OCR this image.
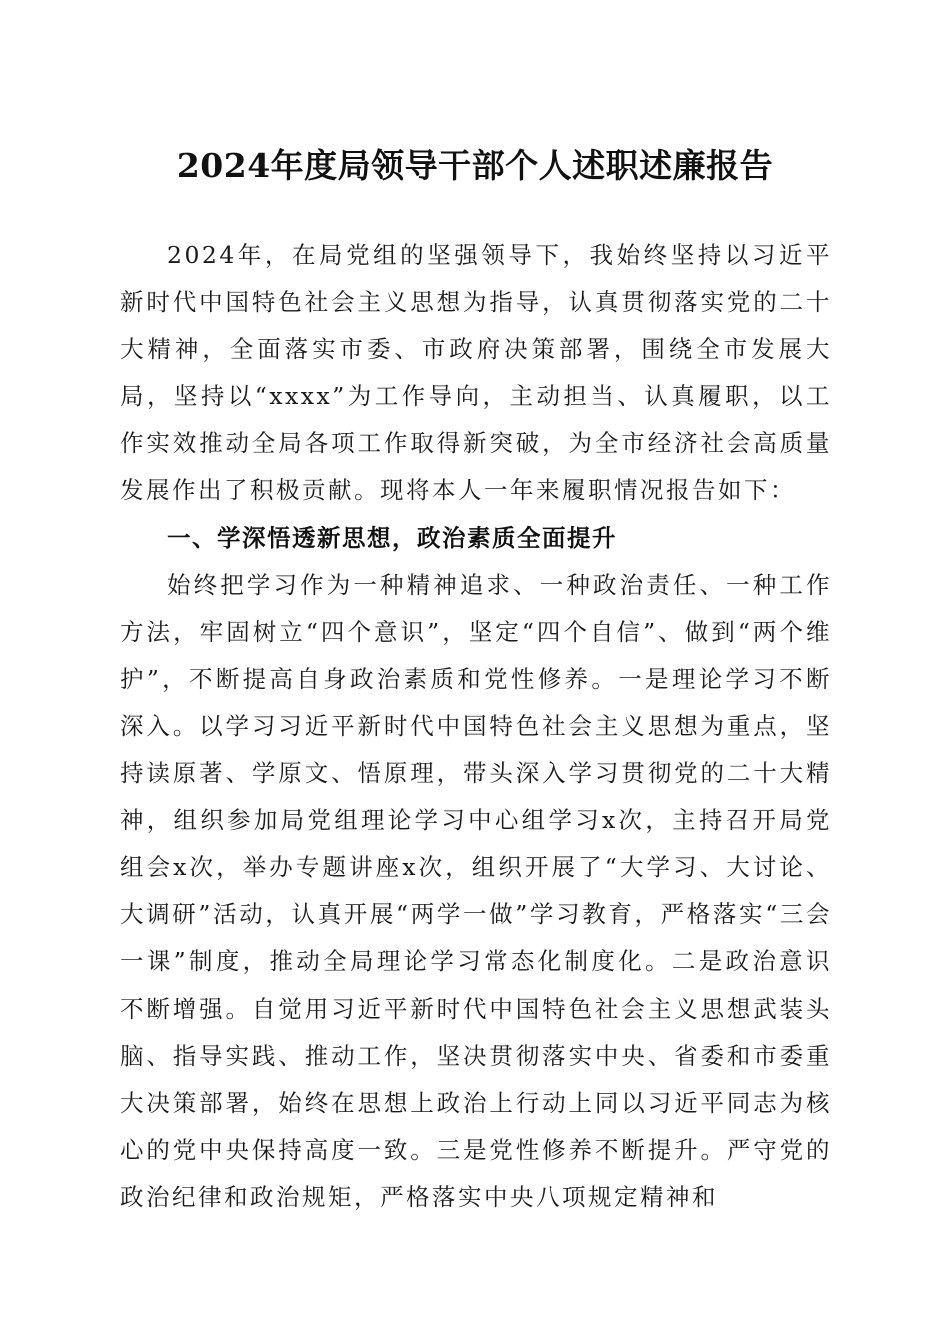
2024年度局领导干部个人述职述廉报告

2024年，在局党组的坚强领导下，我始终坚持以习近平新时代中国特色社会主义思想为指导，认真贯彻落实党的二十大精神，全面落实市委、市政府决策部署，围绕全市发展大局，坚持以“xxxx”为工作导向，主动担当、认真履职，以工作实效推动全局各项工作取得新突破，为全市经济社会高质量发展作出了积极贡献。现将本人一年来履职情况报告如下：

一、学深悟透新思想，政治素质全面提升

始终把学习作为一种精神追求、一种政治责任、一种工作方法，牢固树立“四个意识”，坚定“四个自信”、做到“两个维护”，不断提高自身政治素质和党性修养。一是理论学习不断深入。以学习习近平新时代中国特色社会主义思想为重点，坚持读原著、学原文、悟原理，带头深入学习贯彻党的二十大精神，组织参加局党组理论学习中心组学习x次，主持召开局党组会x次，举办专题讲座x次，组织开展了“大学习、大讨论、大调研”活动，认真开展“两学一做”学习教育，严格落实“三会一课”制度，推动全局理论学习常态化制度化。二是政治意识不断增强。自觉用习近平新时代中国特色社会主义思想武装头脑、指导实践、推动工作，坚决贯彻落实中央、省委和市委重大决策部署，始终在思想上政治上行动上同以习近平同志为核心的党中央保持高度一致。三是党性修养不断提升。严守党的政治纪律和政治规矩，严格落实中央八项规定精神和
